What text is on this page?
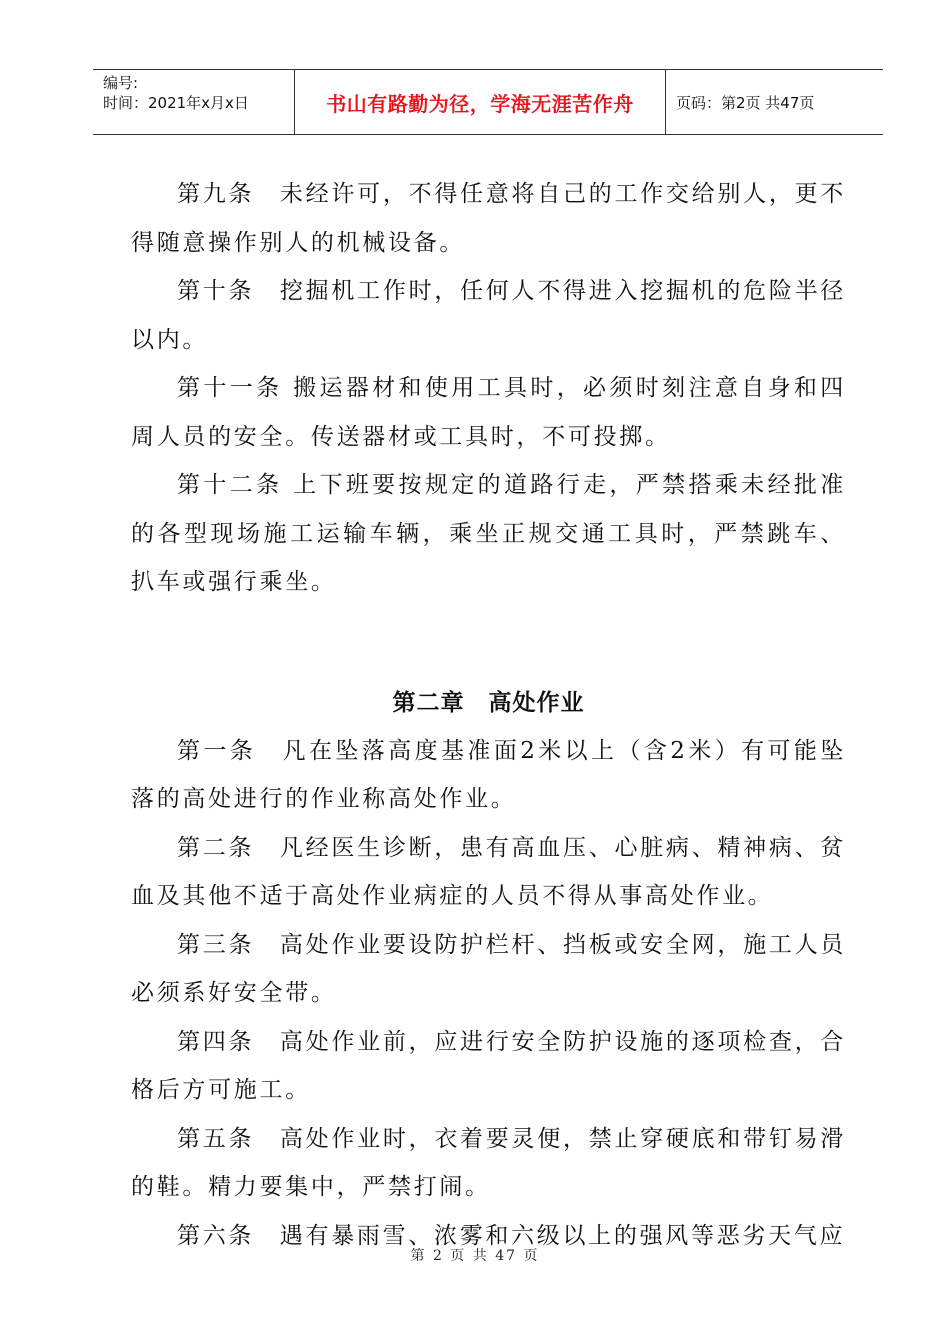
编号:
时间：2021年x月x日	书山有路勤为径，学海无涯苦作舟	页码：第2页 共47页

第九条　未经许可，不得任意将自己的工作交给别人，更不得随意操作别人的机械设备。

第十条　挖掘机工作时，任何人不得进入挖掘机的危险半径以内。

第十一条 搬运器材和使用工具时，必须时刻注意自身和四周人员的安全。传送器材或工具时，不可投掷。

第十二条 上下班要按规定的道路行走，严禁搭乘未经批准的各型现场施工运输车辆，乘坐正规交通工具时，严禁跳车、扒车或强行乘坐。

第二章　高处作业

第一条　凡在坠落高度基准面2米以上（含2米）有可能坠落的高处进行的作业称高处作业。

第二条　凡经医生诊断，患有高血压、心脏病、精神病、贫血及其他不适于高处作业病症的人员不得从事高处作业。

第三条　高处作业要设防护栏杆、挡板或安全网，施工人员必须系好安全带。

第四条　高处作业前，应进行安全防护设施的逐项检查，合格后方可施工。

第五条　高处作业时，衣着要灵便，禁止穿硬底和带钉易滑的鞋。精力要集中，严禁打闹。

第六条　遇有暴雨雪、浓雾和六级以上的强风等恶劣天气应

第 2 页 共 47 页
